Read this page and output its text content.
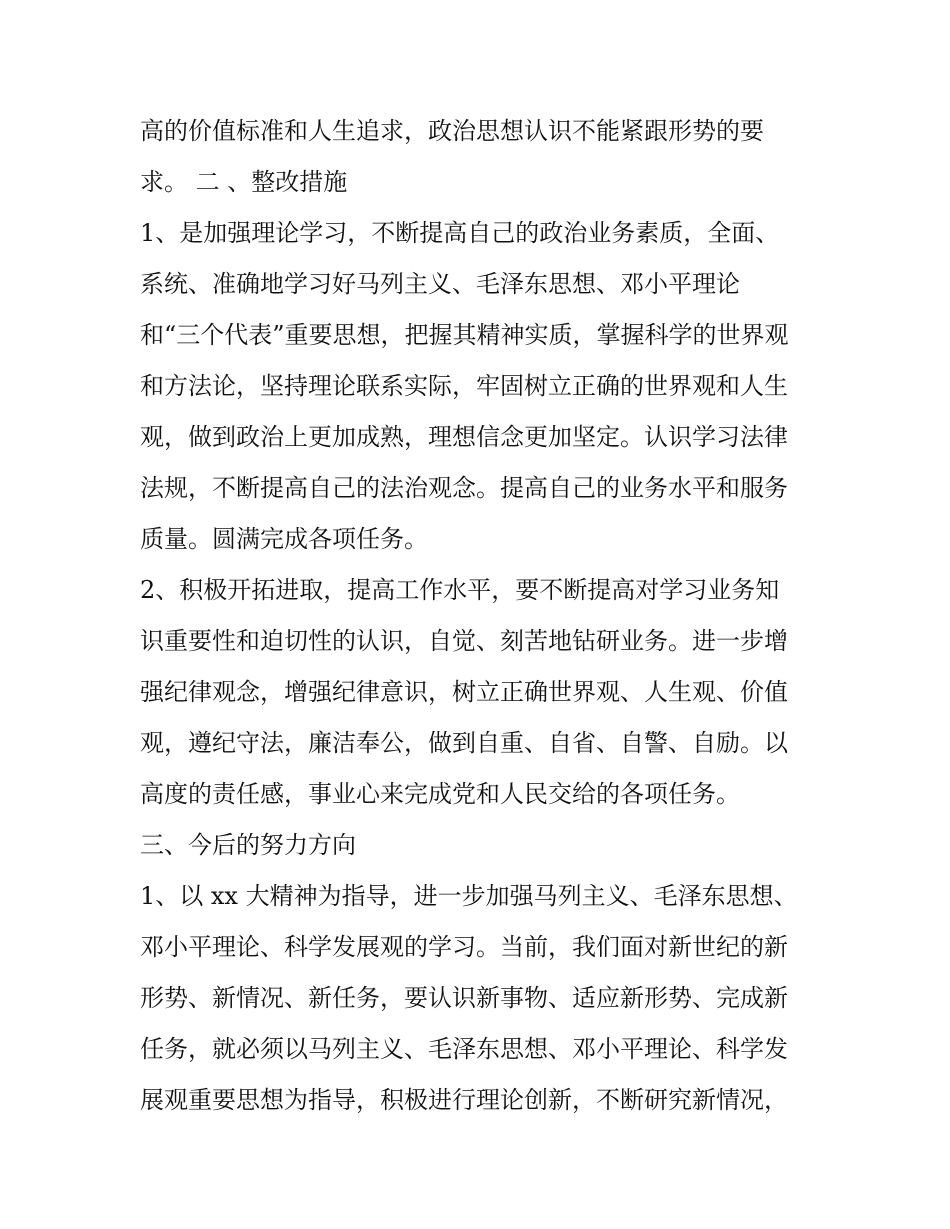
高的价值标准和人生追求，政治思想认识不能紧跟形势的要
求。 二 、整改措施
1、是加强理论学习，不断提高自己的政治业务素质，全面、
系统、准确地学习好马列主义、毛泽东思想、邓小平理论
和“三个代表”重要思想，把握其精神实质，掌握科学的世界观
和方法论，坚持理论联系实际，牢固树立正确的世界观和人生
观，做到政治上更加成熟，理想信念更加坚定。认识学习法律
法规，不断提高自己的法治观念。提高自己的业务水平和服务
质量。圆满完成各项任务。
2、积极开拓进取，提高工作水平，要不断提高对学习业务知
识重要性和迫切性的认识，自觉、刻苦地钻研业务。进一步增
强纪律观念，增强纪律意识，树立正确世界观、人生观、价值
观，遵纪守法，廉洁奉公，做到自重、自省、自警、自励。以
高度的责任感，事业心来完成党和人民交给的各项任务。
三、今后的努力方向
1、以 xx 大精神为指导，进一步加强马列主义、毛泽东思想、
邓小平理论、科学发展观的学习。当前，我们面对新世纪的新
形势、新情况、新任务，要认识新事物、适应新形势、完成新
任务，就必须以马列主义、毛泽东思想、邓小平理论、科学发
展观重要思想为指导，积极进行理论创新，不断研究新情况，
